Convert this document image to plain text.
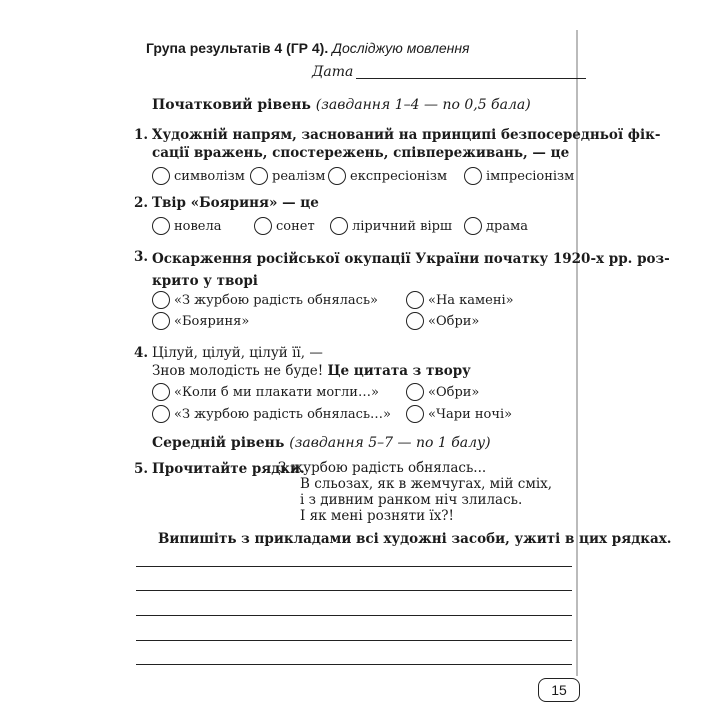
Група результатів 4 (ГР 4). Досліджую мовлення
Дата
Початковий рівень (завдання 1–4 — по 0,5 бала)
1. Художній напрям, заснований на принципі безпосередньої фік-
сації вражень, спостережень, співпереживань, — це
символізм реалізм експресіонізм	імпресіонізм
2. Твір «Бояриня» — це
новела	сонет	ліричний вірш	драма
3. Оскарження російської окупації України початку 1920-х рр. роз-
крито у творі
«З журбою радість обнялась»	«На камені»
«Бояриня»	«Обри»
4. Цілуй, цілуй, цілуй її, —
Знов молодість не буде! Це цитата з твору
«Коли б ми плакати могли…»	«Обри»
«З журбою радість обнялась…»	«Чари ночі»
Середній рівень (завдання 5–7 — по 1 балу)
5. Прочитайте рядки.
З журбою радість обнялась...
В сльозах, як в жемчугах, мій сміх,
і з дивним ранком ніч злилась.
І як мені розняти їх?!
Випишіть з прикладами всі художні засоби, ужиті в цих рядках.
15
